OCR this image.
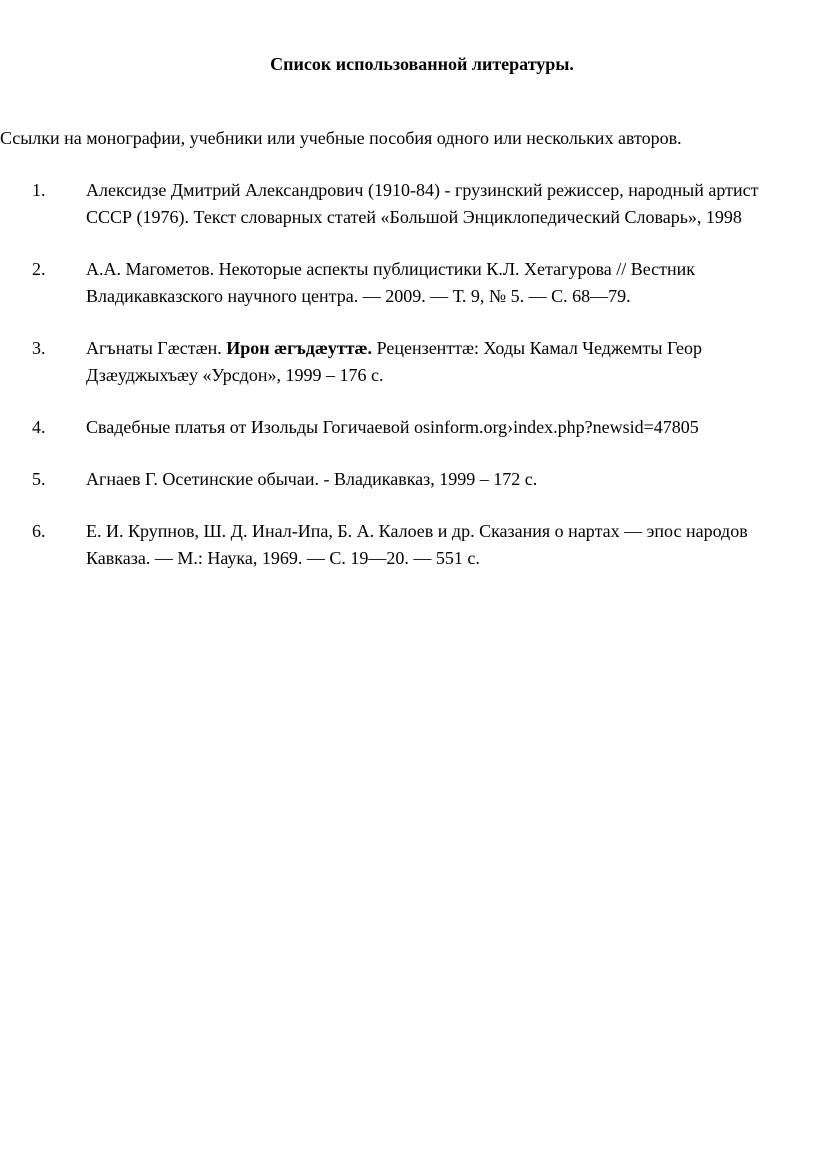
Список использованной литературы.
Ссылки на монографии, учебники или учебные пособия одного или нескольких авторов.
1. Алексидзе Дмитрий Александрович (1910-84) - грузинский режиссер, народный артист СССР (1976). Текст словарных статей «Большой Энциклопедический Словарь», 1998
2. А.А. Магометов. Некоторые аспекты публицистики К.Л. Хетагурова // Вестник Владикавказского научного центра. — 2009. — Т. 9, № 5. — С. 68—79.
3. Агънаты Гæстæн. Ирон æгъдæуттæ. Рецензенттæ: Ходы Камал Чеджемты Геор Дзæуджыхъæу «Урсдон», 1999 – 176 с.
4. Свадебные платья от Изольды Гогичаевой osinform.org›index.php?newsid=47805
5. Агнаев Г. Осетинские обычаи. - Владикавказ, 1999 – 172 с.
6. Е. И. Крупнов, Ш. Д. Инал-Ипа, Б. А. Калоев и др. Сказания о нартах — эпос народов Кавказа. — М.: Наука, 1969. — С. 19—20. — 551 с.
